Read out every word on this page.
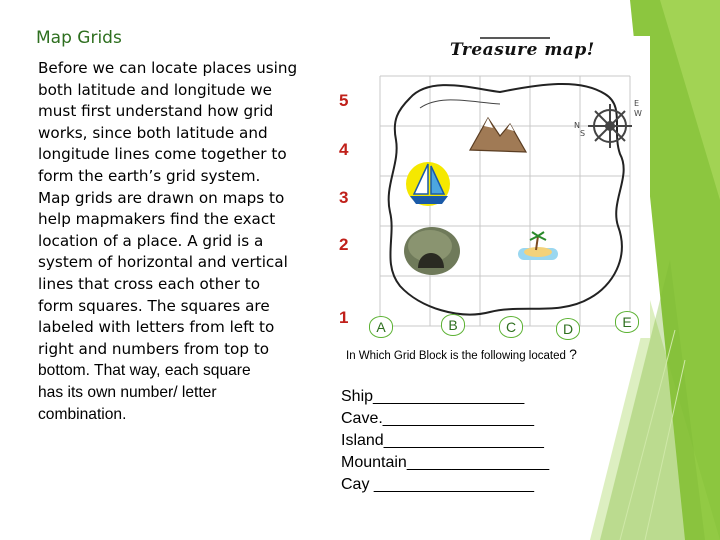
Map Grids
Before we can locate places using
both latitude and longitude we
must first understand how grid
works, since both latitude and
longitude lines come together to
form the earth’s grid system.
Map grids are drawn on maps to
help mapmakers find the exact
location of a place. A grid is a
system of horizontal and vertical
lines that cross each other to
form squares. The squares are
labeled with letters from left to
right and numbers from top to
bottom. That way, each square
has its own number/ letter
combination.
N
S
E
W
Treasure map!
5
4
3
2
1	A	B	C	D	E
In Which Grid Block is the following located ?
Ship_________________
Cave._________________
Island__________________
Mountain________________
Cay __________________
